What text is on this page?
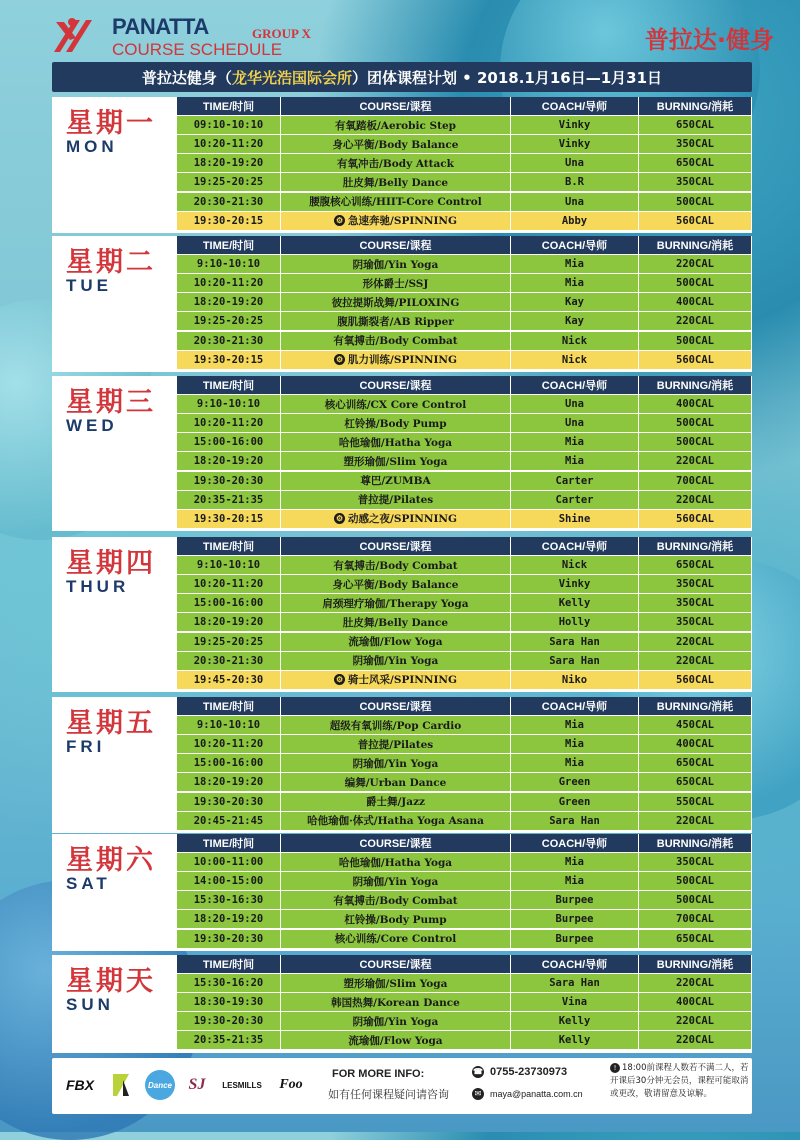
PANATTA	GROUP X
COURSE SCHEDULE	普拉达·健身
普拉达健身（ 龙华光浩国际会所 ）团体课程计划 • 2018.1月16日—1月31日
星期一
MON
TIME/时间	COURSE/课程	COACH/导师	BURNING/消耗
09:10-10:10	有氧踏板/Aerobic Step	Vinky	650CAL
10:20-11:20	身心平衡/Body Balance	Vinky	350CAL
18:20-19:20	有氧冲击/Body Attack	Una	650CAL
19:25-20:25	肚皮舞/Belly Dance	B.R	350CAL
20:30-21:30	腰腹核心训练/HIIT-Core Control	Una	500CAL
19:30-20:15	⚙ 急速奔驰/SPINNING	Abby	560CAL
星期二
TUE
TIME/时间	COURSE/课程	COACH/导师	BURNING/消耗
9:10-10:10	阴瑜伽/Yin Yoga	Mia	220CAL
10:20-11:20	形体爵士/SSJ	Mia	500CAL
18:20-19:20	彼拉提斯战舞/PILOXING	Kay	400CAL
19:25-20:25	腹肌撕裂者/AB Ripper	Kay	220CAL
20:30-21:30	有氧搏击/Body Combat	Nick	500CAL
19:30-20:15	⚙ 肌力训练/SPINNING	Nick	560CAL
星期三
WED
TIME/时间	COURSE/课程	COACH/导师	BURNING/消耗
9:10-10:10	核心训练/CX Core Control	Una	400CAL
10:20-11:20	杠铃操/Body Pump	Una	500CAL
15:00-16:00	哈他瑜伽/Hatha Yoga	Mia	500CAL
18:20-19:20	塑形瑜伽/Slim Yoga	Mia	220CAL
19:30-20:30	尊巴/ZUMBA	Carter	700CAL
20:35-21:35	普拉提/Pilates	Carter	220CAL
19:30-20:15	⚙ 动感之夜/SPINNING	Shine	560CAL
星期四
THUR
TIME/时间	COURSE/课程	COACH/导师	BURNING/消耗
9:10-10:10	有氧搏击/Body Combat	Nick	650CAL
10:20-11:20	身心平衡/Body Balance	Vinky	350CAL
15:00-16:00	肩颈理疗瑜伽/Therapy Yoga	Kelly	350CAL
18:20-19:20	肚皮舞/Belly Dance	Holly	350CAL
19:25-20:25	流瑜伽/Flow Yoga	Sara Han	220CAL
20:30-21:30	阴瑜伽/Yin Yoga	Sara Han	220CAL
19:45-20:30	⚙ 骑士风采/SPINNING	Niko	560CAL
星期五
FRI
TIME/时间	COURSE/课程	COACH/导师	BURNING/消耗
9:10-10:10	超级有氧训练/Pop Cardio	Mia	450CAL
10:20-11:20	普拉提/Pilates	Mia	400CAL
15:00-16:00	阴瑜伽/Yin Yoga	Mia	650CAL
18:20-19:20	编舞/Urban Dance	Green	650CAL
19:30-20:30	爵士舞/Jazz	Green	550CAL
20:45-21:45	哈他瑜伽·体式/Hatha Yoga Asana	Sara Han	220CAL
星期六
SAT
TIME/时间	COURSE/课程	COACH/导师	BURNING/消耗
10:00-11:00	哈他瑜伽/Hatha Yoga	Mia	350CAL
14:00-15:00	阴瑜伽/Yin Yoga	Mia	500CAL
15:30-16:30	有氧搏击/Body Combat	Burpee	500CAL
18:20-19:20	杠铃操/Body Pump	Burpee	700CAL
19:30-20:30	核心训练/Core Control	Burpee	650CAL
星期天
SUN
TIME/时间	COURSE/课程	COACH/导师	BURNING/消耗
15:30-16:20	塑形瑜伽/Slim Yoga	Sara Han	220CAL
18:30-19:30	韩国热舞/Korean Dance	Vina	400CAL
19:30-20:30	阴瑜伽/Yin Yoga	Kelly	220CAL
20:35-21:35	流瑜伽/Flow Yoga	Kelly	220CAL
FBX	Dance SJ LESMILLS Foo
FOR MORE INFO:
如有任何课程疑问请咨询
☎ 0755-23730973
✉ maya@panatta.com.cn
! 18:00前课程人数若不满二人，若开课后30分钟无会员，课程可能取消或更改，敬请留意及谅解。
